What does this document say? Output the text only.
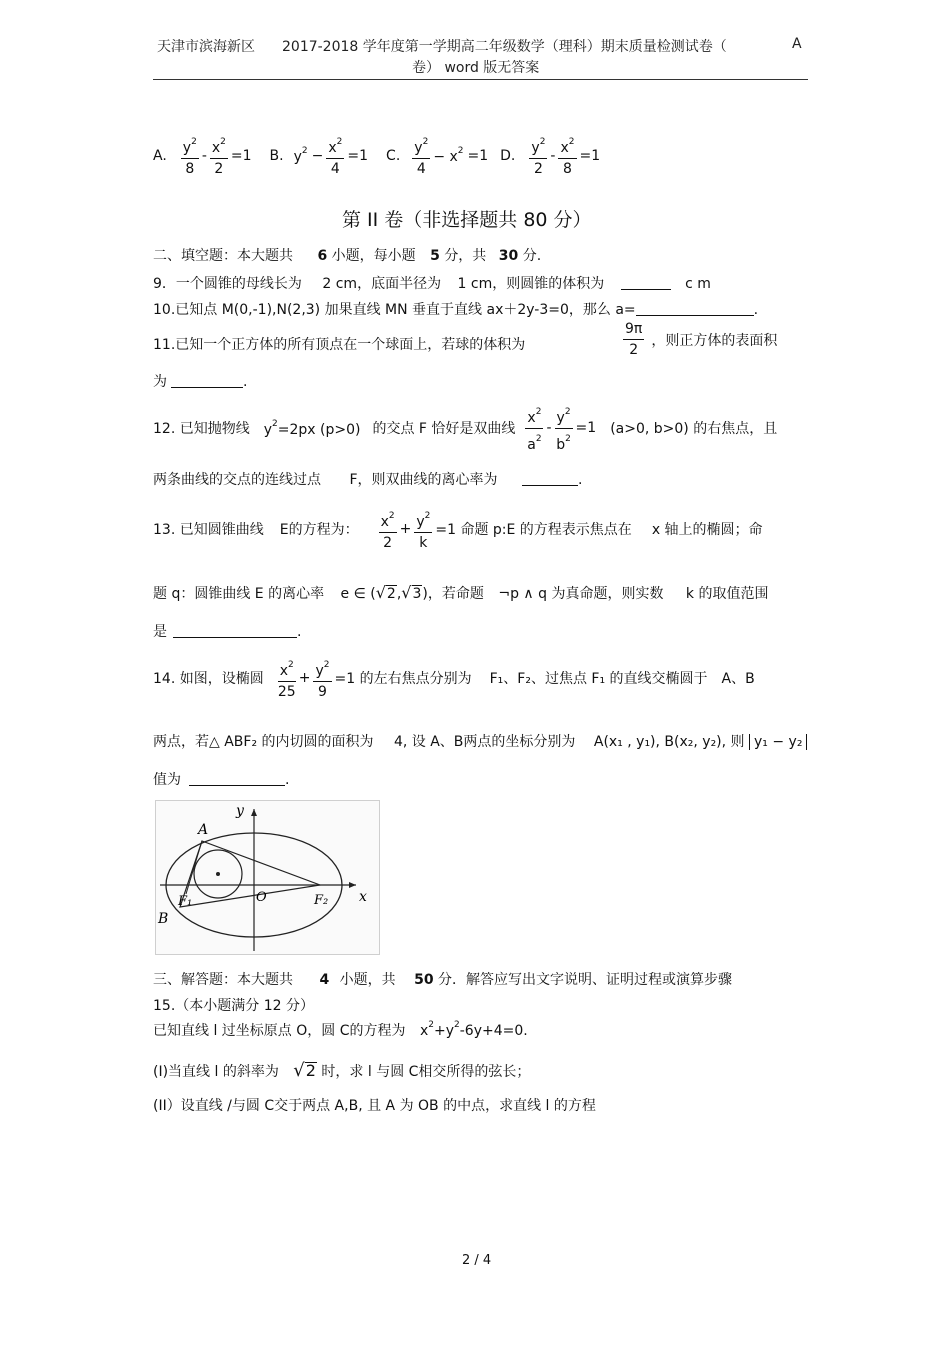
天津市滨海新区 2017-2018 学年度第一学期高二年级数学（理科）期末质量检测试卷（	A
卷） word 版无答案
A. $\frac{y^2}{8} - \frac{x^2}{2} =1$ B. $y^2 - \frac{x^2}{4} =1$ C. $\frac{y^2}{4} - x^2 =1$ D. $\frac{y^2}{2} - \frac{x^2}{8} =1$
第 II 卷（非选择题共 80 分）
二、填空题：本大题共 6 小题，每小题 5 分，共 30 分.
9．一个圆锥的母线长为 2 cm，底面半径为 1 cm，则圆锥的体积为	c m
10.已知点 M(0,-1),N(2,3) 加果直线 MN 垂直于直线 ax＋2y-3=0，那么 a=	.
11.已知一个正方体的所有顶点在一个球面上，若球的体积为	$\frac{9\pi}{2}$ ，则正方体的表面积
为	.
12. 已知抛物线 $y^2=2px$ (p>0) 的交点 F 恰好是双曲线 $\frac{x^2}{a^2} - \frac{y^2}{b^2} =1$ (a>0, b>0) 的右焦点，且
两条曲线的交点的连线过点 F，则双曲线的离心率为	.
13. 已知圆锥曲线 E的方程为： $\frac{x^2}{2} + \frac{y^2}{k} =1$ 命题 p:E 的方程表示焦点在 x 轴上的椭圆；命
题 q：圆锥曲线 E 的离心率 e ∈ (√2,√3)，若命题 ¬p ∧ q 为真命题，则实数 k 的取值范围
是	.
14. 如图，设椭圆 $\frac{x^2}{25} + \frac{y^2}{9} =1$ 的左右焦点分别为 F₁、F₂、过焦点 F₁ 的直线交椭圆于 A、B
两点，若△ ABF₂ 的内切圆的面积为 4, 设 A、B两点的坐标分别为 A(x₁ , y₁), B(x₂, y₂), 则 y₁ − y₂
值为	.
A
B
F₁	O	F₂ x
y
三、解答题：本大题共 4 小题，共 50 分．解答应写出文字说明、证明过程或演算步骤
15.（本小题满分 12 分）
已知直线 l 过坐标原点 O，圆 C的方程为 $x^2+y^2-6y+4=0$.
(I)当直线 l 的斜率为 √2 时，求 l 与圆 C相交所得的弦长；
(II）设直线 /与圆 C交于两点 A,B, 且 A 为 OB 的中点，求直线 l 的方程
2 / 4
